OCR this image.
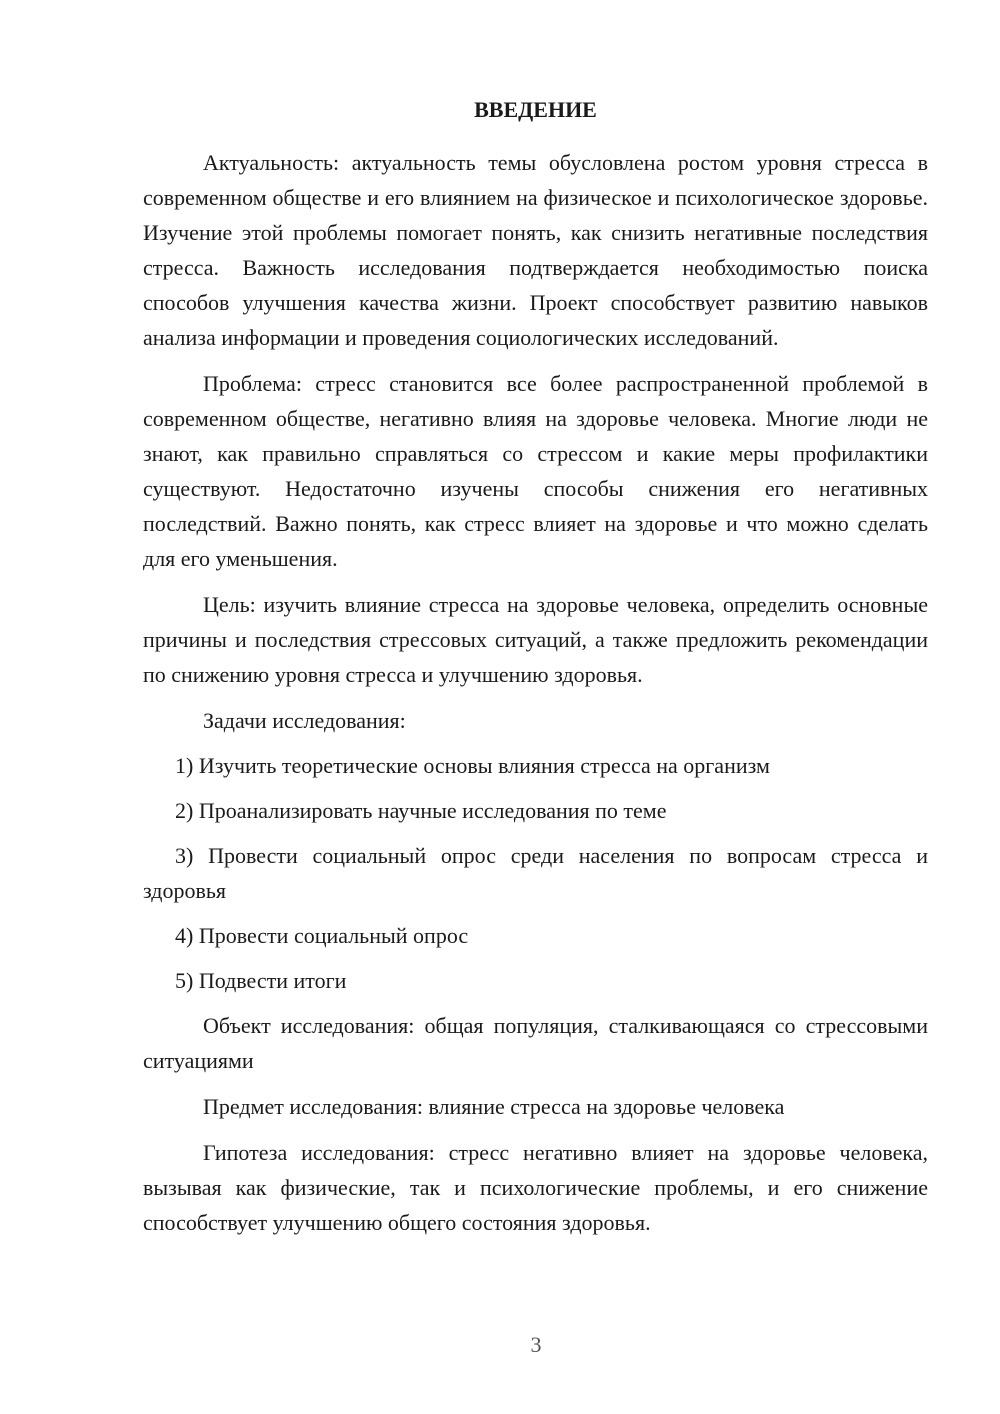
ВВЕДЕНИЕ

Актуальность: актуальность темы обусловлена ростом уровня стресса в современном обществе и его влиянием на физическое и психологическое здоровье. Изучение этой проблемы помогает понять, как снизить негативные последствия стресса. Важность исследования подтверждается необходимостью поиска способов улучшения качества жизни. Проект способствует развитию навыков анализа информации и проведения социологических исследований.

Проблема: стресс становится все более распространенной проблемой в современном обществе, негативно влияя на здоровье человека. Многие люди не знают, как правильно справляться со стрессом и какие меры профилактики существуют. Недостаточно изучены способы снижения его негативных последствий. Важно понять, как стресс влияет на здоровье и что можно сделать для его уменьшения.

Цель: изучить влияние стресса на здоровье человека, определить основные причины и последствия стрессовых ситуаций, а также предложить рекомендации по снижению уровня стресса и улучшению здоровья.

Задачи исследования:

1) Изучить теоретические основы влияния стресса на организм

2) Проанализировать научные исследования по теме

3) Провести социальный опрос среди населения по вопросам стресса и здоровья

4) Провести социальный опрос

5) Подвести итоги

Объект исследования: общая популяция, сталкивающаяся со стрессовыми ситуациями

Предмет исследования: влияние стресса на здоровье человека

Гипотеза исследования: стресс негативно влияет на здоровье человека, вызывая как физические, так и психологические проблемы, и его снижение способствует улучшению общего состояния здоровья.

3
